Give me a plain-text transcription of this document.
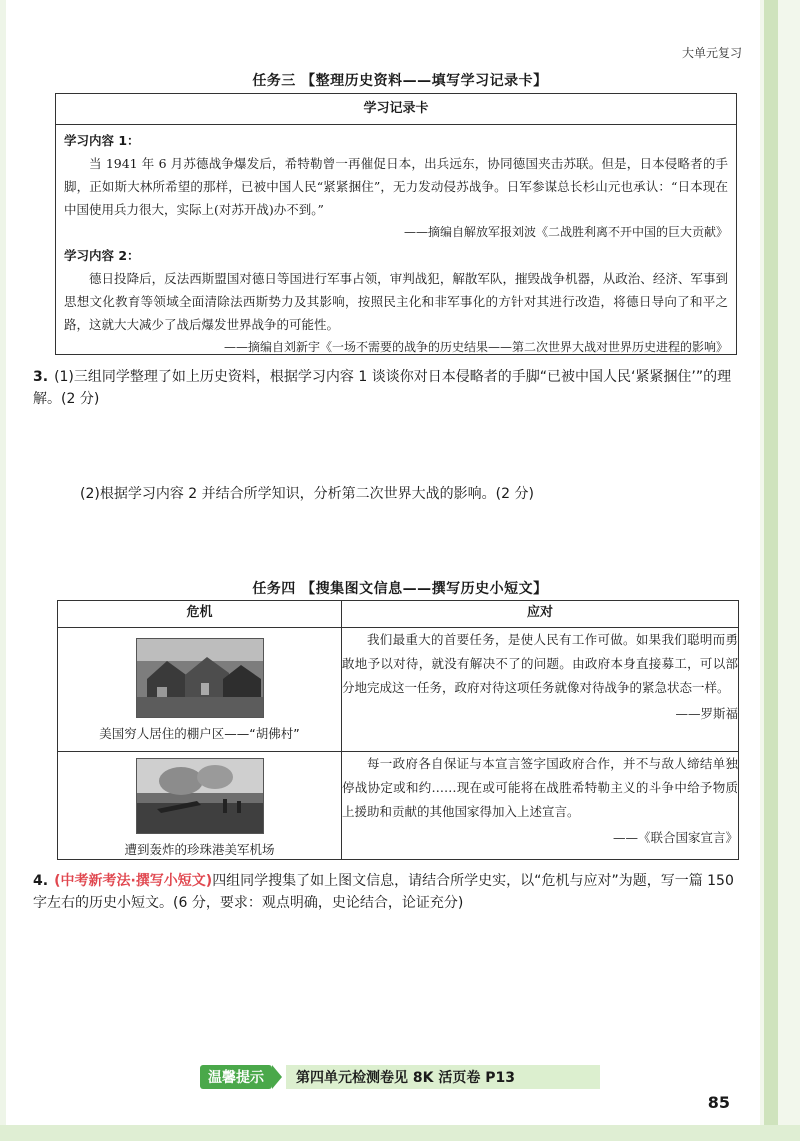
大单元复习
任务三 【整理历史资料——填写学习记录卡】
学习记录卡
学习内容 1：

当 1941 年 6 月苏德战争爆发后，希特勒曾一再催促日本，出兵远东，协同德国夹击苏联。但是，日本侵略者的手脚，正如斯大林所希望的那样，已被中国人民“紧紧捆住”，无力发动侵苏战争。日军参谋总长杉山元也承认：“日本现在中国使用兵力很大，实际上(对苏开战)办不到。”

——摘编自解放军报刘波《二战胜利离不开中国的巨大贡献》

学习内容 2：

德日投降后，反法西斯盟国对德日等国进行军事占领，审判战犯，解散军队，摧毁战争机器，从政治、经济、军事到思想文化教育等领域全面清除法西斯势力及其影响，按照民主化和非军事化的方针对其进行改造，将德日导向了和平之路，这就大大减少了战后爆发世界战争的可能性。

——摘编自刘新宇《一场不需要的战争的历史结果——第二次世界大战对世界历史进程的影响》

3. (1)三组同学整理了如上历史资料，根据学习内容 1 谈谈你对日本侵略者的手脚“已被中国人民‘紧紧捆住’”的理解。(2 分)
(2)根据学习内容 2 并结合所学知识，分析第二次世界大战的影响。(2 分)
任务四 【搜集图文信息——撰写历史小短文】
危机	应对

美国穷人居住的棚户区——“胡佛村”	我们最重大的首要任务，是使人民有工作可做。如果我们聪明而勇敢地予以对待，就没有解决不了的问题。由政府本身直接募工，可以部分地完成这一任务，政府对待这项任务就像对待战争的紧急状态一样。

——罗斯福

遭到轰炸的珍珠港美军机场	每一政府各自保证与本宣言签字国政府合作，并不与敌人缔结单独停战协定或和约……现在或可能将在战胜希特勒主义的斗争中给予物质上援助和贡献的其他国家得加入上述宣言。

——《联合国家宣言》
4. (中考新考法·撰写小短文)四组同学搜集了如上图文信息，请结合所学史实，以“危机与应对”为题，写一篇 150 字左右的历史小短文。(6 分，要求：观点明确，史论结合，论证充分)
温馨提示	第四单元检测卷见 8K 活页卷 P13
85
